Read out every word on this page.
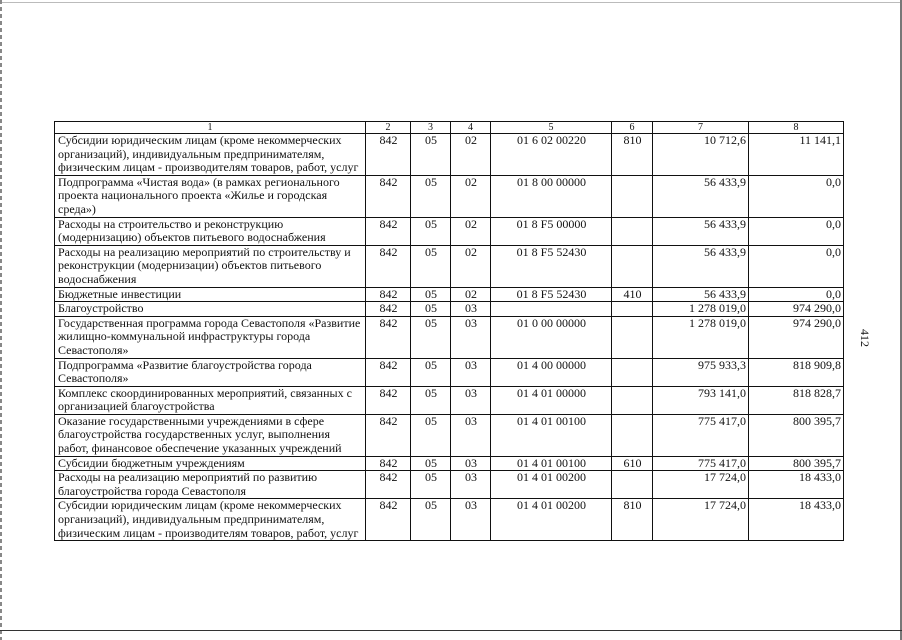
1	2	3	4	5	6	7	8
Субсидии юридическим лицам (кроме некоммерческих организаций), индивидуальным предпринимателям, физическим лицам - производителям товаров, работ, услуг	842	05	02	01 6 02 00220	810	10 712,6	11 141,1
Подпрограмма «Чистая вода» (в рамках регионального проекта национального проекта «Жилье и городская среда»)	842	05	02	01 8 00 00000		56 433,9	0,0
Расходы на строительство и реконструкцию (модернизацию) объектов питьевого водоснабжения	842	05	02	01 8 F5 00000		56 433,9	0,0
Расходы на реализацию мероприятий по строительству и реконструкции (модернизации) объектов питьевого водоснабжения	842	05	02	01 8 F5 52430		56 433,9	0,0
Бюджетные инвестиции	842	05	02	01 8 F5 52430	410	56 433,9	0,0
Благоустройство	842	05	03			1 278 019,0	974 290,0
Государственная программа города Севастополя «Развитие жилищно-коммунальной инфраструктуры города Севастополя»	842	05	03	01 0 00 00000		1 278 019,0	974 290,0
Подпрограмма «Развитие благоустройства города Севастополя»	842	05	03	01 4 00 00000		975 933,3	818 909,8
Комплекс скоординированных мероприятий, связанных с организацией благоустройства	842	05	03	01 4 01 00000		793 141,0	818 828,7
Оказание государственными учреждениями в сфере благоустройства государственных услуг, выполнения работ, финансовое обеспечение указанных учреждений	842	05	03	01 4 01 00100		775 417,0	800 395,7
Субсидии бюджетным учреждениям	842	05	03	01 4 01 00100	610	775 417,0	800 395,7
Расходы на реализацию мероприятий по развитию благоустройства города Севастополя	842	05	03	01 4 01 00200		17 724,0	18 433,0
Субсидии юридическим лицам (кроме некоммерческих организаций), индивидуальным предпринимателям, физическим лицам - производителям товаров, работ, услуг	842	05	03	01 4 01 00200	810	17 724,0	18 433,0
412
